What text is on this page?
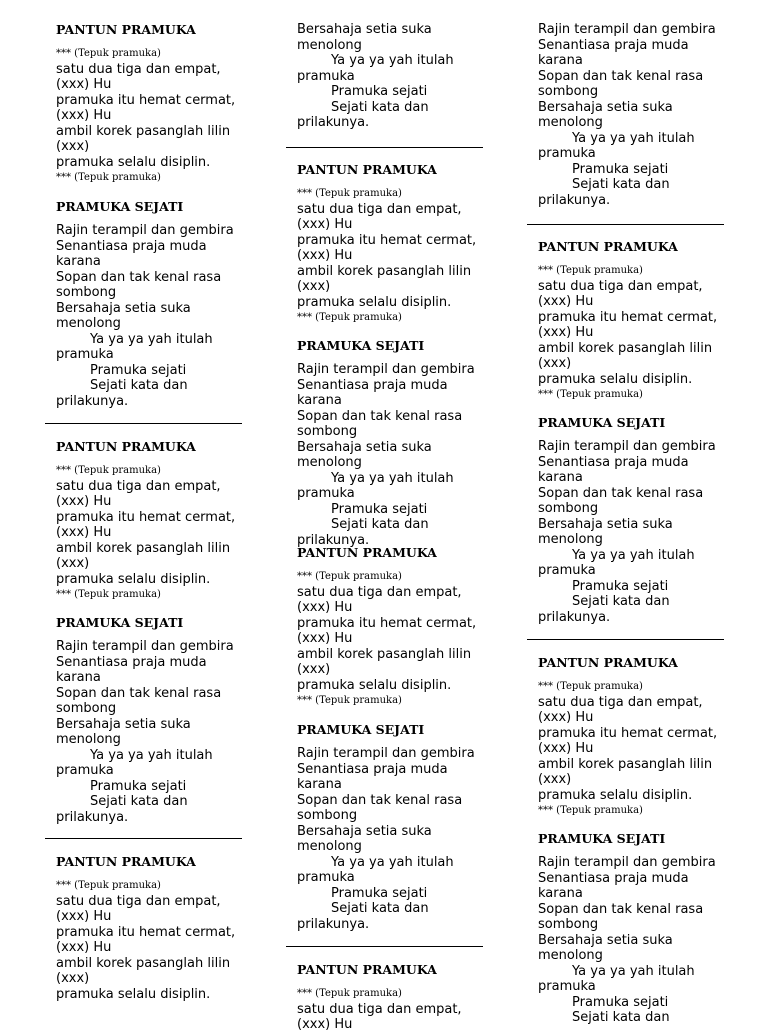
PANTUN PRAMUKA
*** (Tepuk pramuka)
satu dua tiga dan empat,
(xxx) Hu
pramuka itu hemat cermat,
(xxx) Hu
ambil korek pasanglah lilin
(xxx)
pramuka selalu disiplin.
*** (Tepuk pramuka)
PRAMUKA SEJATI
Rajin terampil dan gembira
Senantiasa praja muda
karana
Sopan dan tak kenal rasa
sombong
Bersahaja setia suka
menolong
Ya ya ya yah itulah
pramuka
Pramuka sejati
Sejati kata dan
prilakunya.
PANTUN PRAMUKA
*** (Tepuk pramuka)
satu dua tiga dan empat,
(xxx) Hu
pramuka itu hemat cermat,
(xxx) Hu
ambil korek pasanglah lilin
(xxx)
pramuka selalu disiplin.
*** (Tepuk pramuka)
PRAMUKA SEJATI
Rajin terampil dan gembira
Senantiasa praja muda
karana
Sopan dan tak kenal rasa
sombong
Bersahaja setia suka
menolong
Ya ya ya yah itulah
pramuka
Pramuka sejati
Sejati kata dan
prilakunya.
PANTUN PRAMUKA
*** (Tepuk pramuka)
satu dua tiga dan empat,
(xxx) Hu
pramuka itu hemat cermat,
(xxx) Hu
ambil korek pasanglah lilin
(xxx)
pramuka selalu disiplin.
Bersahaja setia suka
menolong
Ya ya ya yah itulah
pramuka
Pramuka sejati
Sejati kata dan
prilakunya.
PANTUN PRAMUKA
*** (Tepuk pramuka)
satu dua tiga dan empat,
(xxx) Hu
pramuka itu hemat cermat,
(xxx) Hu
ambil korek pasanglah lilin
(xxx)
pramuka selalu disiplin.
*** (Tepuk pramuka)
PRAMUKA SEJATI
Rajin terampil dan gembira
Senantiasa praja muda
karana
Sopan dan tak kenal rasa
sombong
Bersahaja setia suka
menolong
Ya ya ya yah itulah
pramuka
Pramuka sejati
Sejati kata dan
prilakunya.
PANTUN PRAMUKA
*** (Tepuk pramuka)
satu dua tiga dan empat,
(xxx) Hu
pramuka itu hemat cermat,
(xxx) Hu
ambil korek pasanglah lilin
(xxx)
pramuka selalu disiplin.
*** (Tepuk pramuka)
PRAMUKA SEJATI
Rajin terampil dan gembira
Senantiasa praja muda
karana
Sopan dan tak kenal rasa
sombong
Bersahaja setia suka
menolong
Ya ya ya yah itulah
pramuka
Pramuka sejati
Sejati kata dan
prilakunya.
PANTUN PRAMUKA
*** (Tepuk pramuka)
satu dua tiga dan empat,
(xxx) Hu
Rajin terampil dan gembira
Senantiasa praja muda
karana
Sopan dan tak kenal rasa
sombong
Bersahaja setia suka
menolong
Ya ya ya yah itulah
pramuka
Pramuka sejati
Sejati kata dan
prilakunya.
PANTUN PRAMUKA
*** (Tepuk pramuka)
satu dua tiga dan empat,
(xxx) Hu
pramuka itu hemat cermat,
(xxx) Hu
ambil korek pasanglah lilin
(xxx)
pramuka selalu disiplin.
*** (Tepuk pramuka)
PRAMUKA SEJATI
Rajin terampil dan gembira
Senantiasa praja muda
karana
Sopan dan tak kenal rasa
sombong
Bersahaja setia suka
menolong
Ya ya ya yah itulah
pramuka
Pramuka sejati
Sejati kata dan
prilakunya.
PANTUN PRAMUKA
*** (Tepuk pramuka)
satu dua tiga dan empat,
(xxx) Hu
pramuka itu hemat cermat,
(xxx) Hu
ambil korek pasanglah lilin
(xxx)
pramuka selalu disiplin.
*** (Tepuk pramuka)
PRAMUKA SEJATI
Rajin terampil dan gembira
Senantiasa praja muda
karana
Sopan dan tak kenal rasa
sombong
Bersahaja setia suka
menolong
Ya ya ya yah itulah
pramuka
Pramuka sejati
Sejati kata dan
